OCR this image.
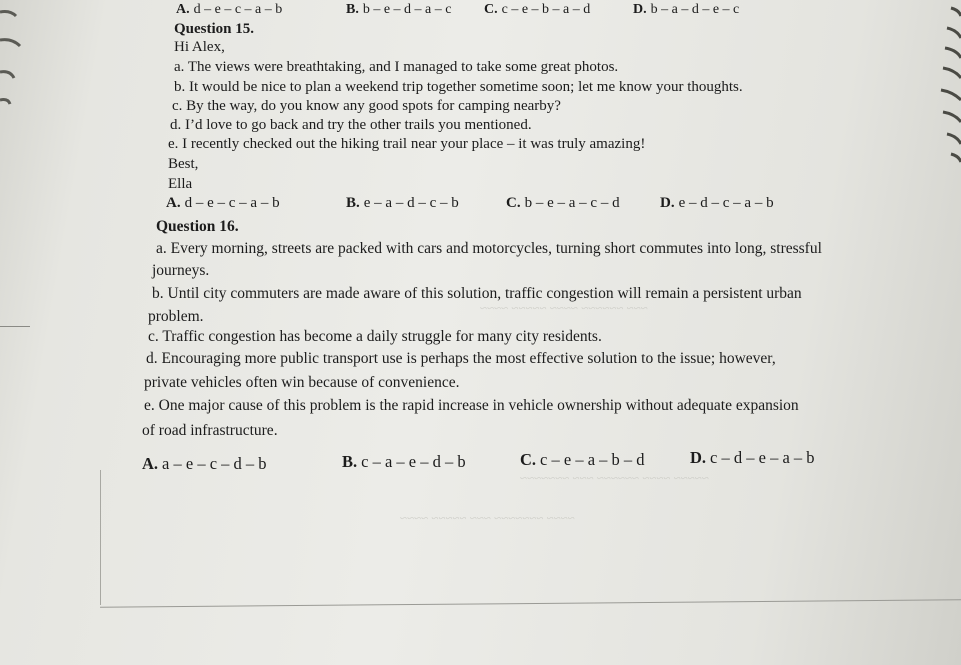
~~~ ~~~~~~ ~~~~ ~~~~~ ~~~~
~~~~~ ~~~~ ~~~~~~ ~~~ ~~~~~~~
~~~~ ~~~~~~~ ~~~ ~~~~~ ~~~~
A. d – e – c – a – b	B. b – e – d – a – c C. c – e – b – a – d	D. b – a – d – e – c
Question 15.
Hi Alex,
a. The views were breathtaking, and I managed to take some great photos.
b. It would be nice to plan a weekend trip together sometime soon; let me know your thoughts.
c. By the way, do you know any good spots for camping nearby?
d. I’d love to go back and try the other trails you mentioned.
e. I recently checked out the hiking trail near your place – it was truly amazing!
Best,
Ella
A. d – e – c – a – b	B. e – a – d – c – b	C. b – e – a – c – d	D. e – d – c – a – b
Question 16.
a. Every morning, streets are packed with cars and motorcycles, turning short commutes into long, stressful
journeys.
b. Until city commuters are made aware of this solution, traffic congestion will remain a persistent urban
problem.
c. Traffic congestion has become a daily struggle for many city residents.
d. Encouraging more public transport use is perhaps the most effective solution to the issue; however,
private vehicles often win because of convenience.
e. One major cause of this problem is the rapid increase in vehicle ownership without adequate expansion
of road infrastructure.
A. a – e – c – d – b	B. c – a – e – d – b	C. c – e – a – b – d	D. c – d – e – a – b
